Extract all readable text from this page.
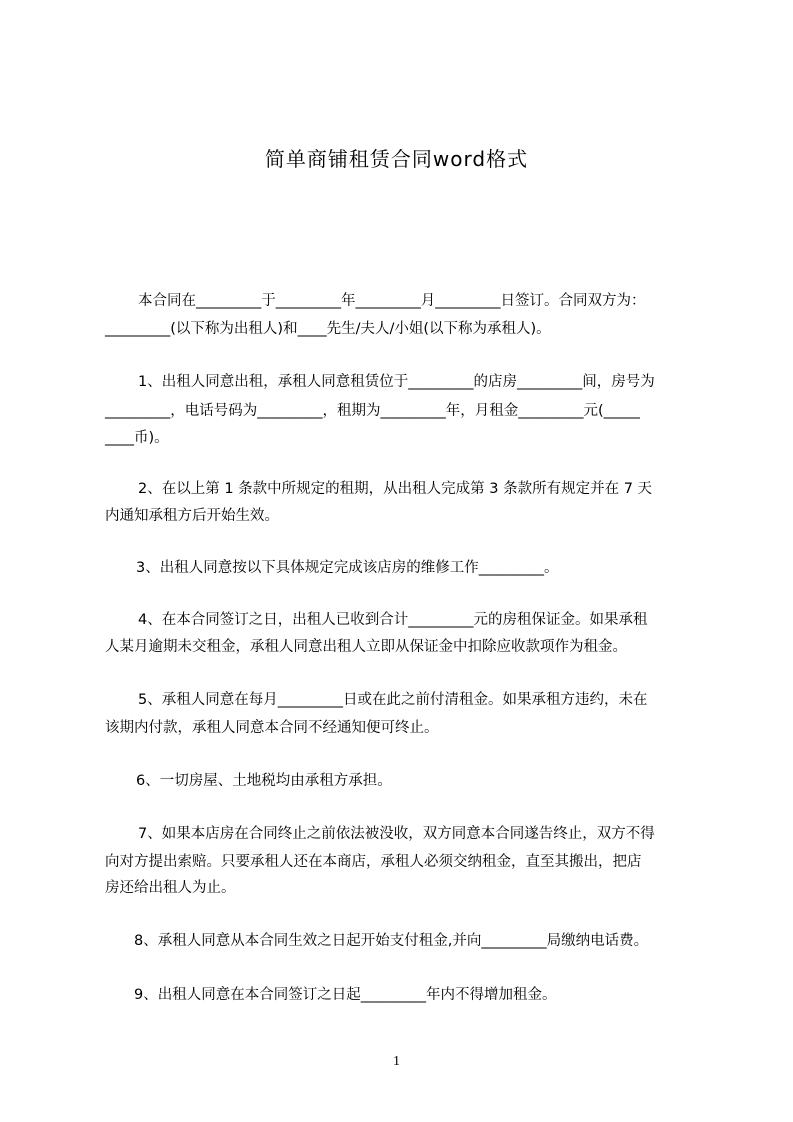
简单商铺租赁合同word格式
本合同在_________于_________年_________月_________日签订。合同双方为：
_________(以下称为出租人)和____先生/夫人/小姐(以下称为承租人)。
1、出租人同意出租，承租人同意租赁位于_________的店房_________间，房号为
_________，电话号码为_________，租期为_________年，月租金_________元(_____
____币)。
2、在以上第 1 条款中所规定的租期，从出租人完成第 3 条款所有规定并在 7 天
内通知承租方后开始生效。
3、出租人同意按以下具体规定完成该店房的维修工作_________。
4、在本合同签订之日，出租人已收到合计_________元的房租保证金。如果承租
人某月逾期未交租金，承租人同意出租人立即从保证金中扣除应收款项作为租金。
5、承租人同意在每月_________日或在此之前付清租金。如果承租方违约，未在
该期内付款，承租人同意本合同不经通知便可终止。
6、一切房屋、土地税均由承租方承担。
7、如果本店房在合同终止之前依法被没收，双方同意本合同遂告终止，双方不得
向对方提出索赔。只要承租人还在本商店，承租人必须交纳租金，直至其搬出，把店
房还给出租人为止。
8、承租人同意从本合同生效之日起开始支付租金,并向_________局缴纳电话费。
9、出租人同意在本合同签订之日起_________年内不得增加租金。
1
